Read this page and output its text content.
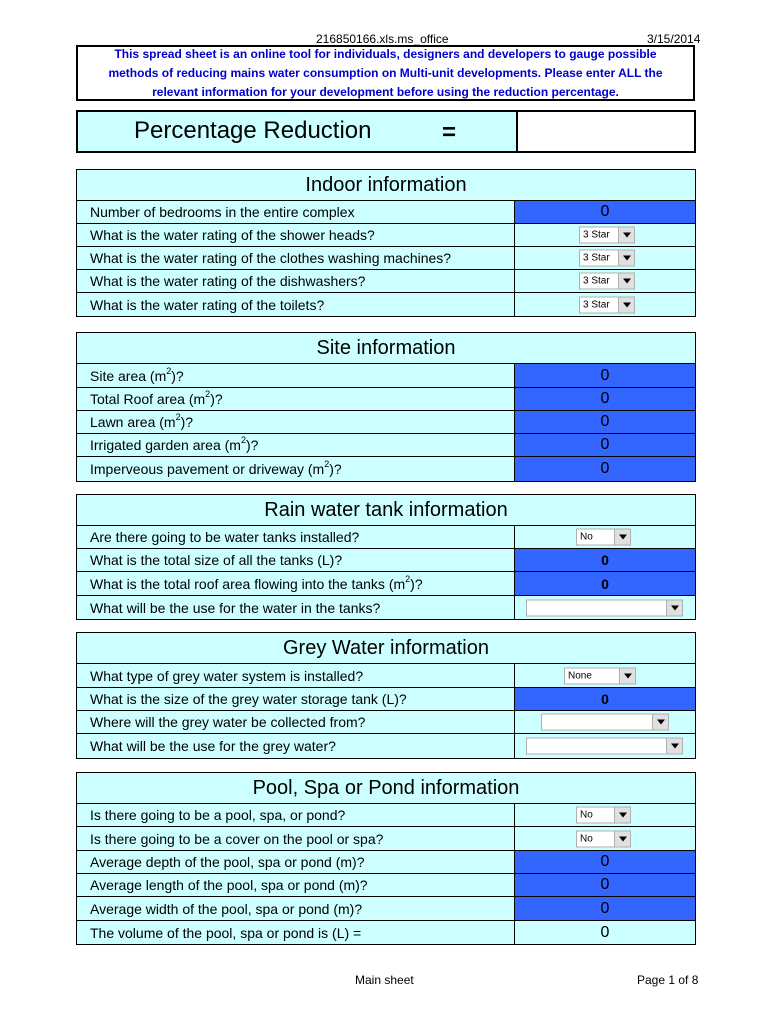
216850166.xls.ms_office	3/15/2014
This spread sheet is an online tool for individuals, designers and developers to gauge possible methods of reducing mains water consumption on Multi-unit developments. Please enter ALL the relevant information for your development before using the reduction percentage.
Percentage Reduction	=
Indoor information
Number of bedrooms in the entire complex	0
What is the water rating of the shower heads?	3 Star
What is the water rating of the clothes washing machines?	3 Star
What is the water rating of the dishwashers?	3 Star
What is the water rating of the toilets?	3 Star
Site information
Site area ($m^2$ )?	0
Total Roof area ($m^2$ )?	0
Lawn area ($m^2$ )?	0
Irrigated garden area ($m^2$ )?	0
Imperveous pavement or driveway ($m^2$ )?	0
Rain water tank information
Are there going to be water tanks installed?	No
What is the total size of all the tanks (L)?	0
What is the total roof area flowing into the tanks ($m^2$ )?	0
What will be the use for the water in the tanks?
Grey Water information
What type of grey water system is installed?	None
What is the size of the grey water storage tank (L)?	0
Where will the grey water be collected from?
What will be the use for the grey water?
Pool, Spa or Pond information
Is there going to be a pool, spa, or pond?	No
Is there going to be a cover on the pool or spa?	No
Average depth of the pool, spa or pond (m)?	0
Average length of the pool, spa or pond (m)?	0
Average width of the pool, spa or pond (m)?	0
The volume of the pool, spa or pond is (L) =	0
Main sheet	Page 1 of 8
